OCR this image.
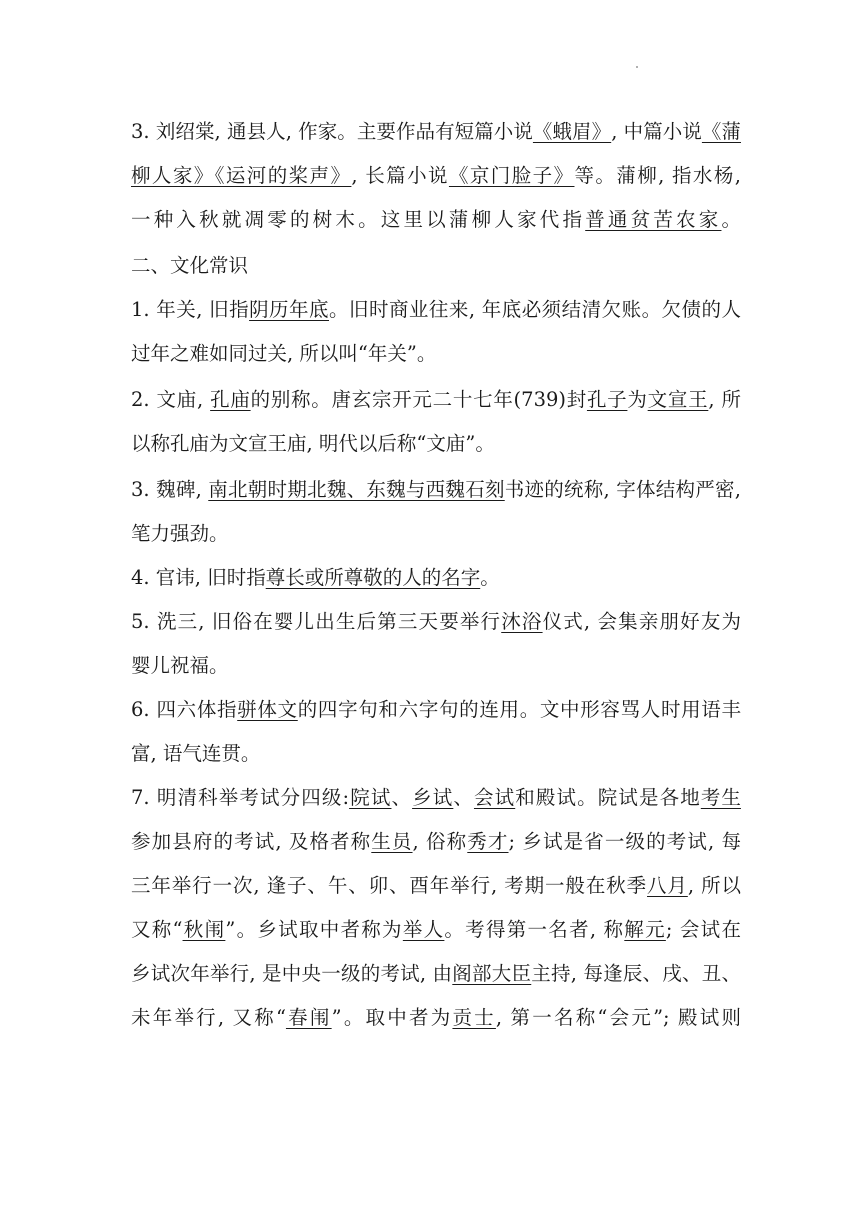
3. 刘绍棠, 通县人, 作家。主要作品有短篇小说《蛾眉》, 中篇小说《蒲
柳人家》《运河的桨声》, 长篇小说《京门脸子》等。蒲柳, 指水杨,
一种入秋就凋零的树木。这里以蒲柳人家代指普通贫苦农家。
二、文化常识
1. 年关, 旧指阴历年底。旧时商业往来, 年底必须结清欠账。欠债的人
过年之难如同过关, 所以叫“年关”。
2. 文庙, 孔庙的别称。唐玄宗开元二十七年(739)封孔子为文宣王, 所
以称孔庙为文宣王庙, 明代以后称“文庙”。
3. 魏碑, 南北朝时期北魏、东魏与西魏石刻书迹的统称, 字体结构严密,
笔力强劲。
4. 官讳, 旧时指尊长或所尊敬的人的名字。
5. 洗三, 旧俗在婴儿出生后第三天要举行沐浴仪式, 会集亲朋好友为
婴儿祝福。
6. 四六体指骈体文的四字句和六字句的连用。文中形容骂人时用语丰
富, 语气连贯。
7. 明清科举考试分四级:院试、乡试、会试和殿试。院试是各地考生
参加县府的考试, 及格者称生员, 俗称秀才; 乡试是省一级的考试, 每
三年举行一次, 逢子、午、卯、酉年举行, 考期一般在秋季八月, 所以
又称“秋闱”。乡试取中者称为举人。考得第一名者, 称解元; 会试在
乡试次年举行, 是中央一级的考试, 由阁部大臣主持, 每逢辰、戌、丑、
未年举行, 又称“春闱”。取中者为贡士, 第一名称“会元”; 殿试则
